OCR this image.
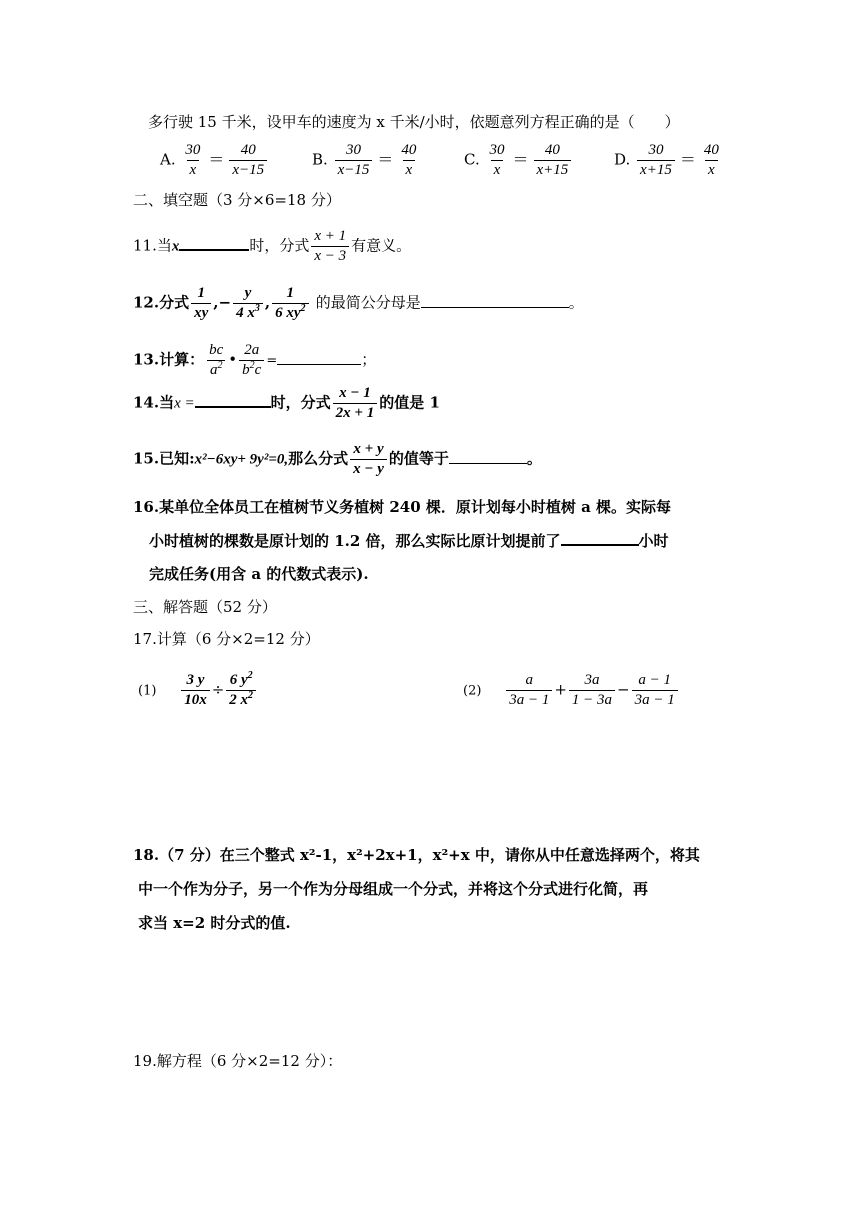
多行驶 15 千米，设甲车的速度为 x 千米/小时，依题意列方程正确的是（　　）
A. $\frac{30}{x} = \frac{40}{x-15}$	B. $\frac{30}{x-15} = \frac{40}{x}$	C. $\frac{30}{x} = \frac{40}{x+15}$	D. $\frac{30}{x+15} = \frac{40}{x}$
二、填空题（3 分×6=18 分）
11.当x	时，分式 $\frac{x + 1}{x - 3}$ 有意义。
12.分式 $\frac{1}{xy}$ ,− $\frac{y}{4 x^3}$ , $\frac{1}{6 xy^2}$ 的最简公分母是	。
13.计算： $\frac{bc}{a^2}$ • $\frac{2a}{b^2c}$ =	；
14.当x =	时，分式 $\frac{x - 1}{2x + 1}$ 的值是 1
15.已知:x²−6xy+ 9y²=0,那么分式 $\frac{x + y}{x - y}$ 的值等于	。
16.某单位全体员工在植树节义务植树 240 棵．原计划每小时植树 a 棵。实际每
小时植树的棵数是原计划的 1.2 倍，那么实际比原计划提前了	小时
完成任务(用含 a 的代数式表示).
三、解答题（52 分）
17.计算（6 分×2=12 分）
$(1) \frac{3 y}{10x} \div \frac{6 y^2}{2 x^2}$	$(2) \frac{a}{3a - 1} + \frac{3a}{1 - 3a} - \frac{a - 1}{3a - 1}$
18.（7 分）在三个整式 x²-1，x²+2x+1，x²+x 中，请你从中任意选择两个，将其
中一个作为分子，另一个作为分母组成一个分式，并将这个分式进行化简，再
求当 x=2 时分式的值.
19.解方程（6 分×2=12 分）：
